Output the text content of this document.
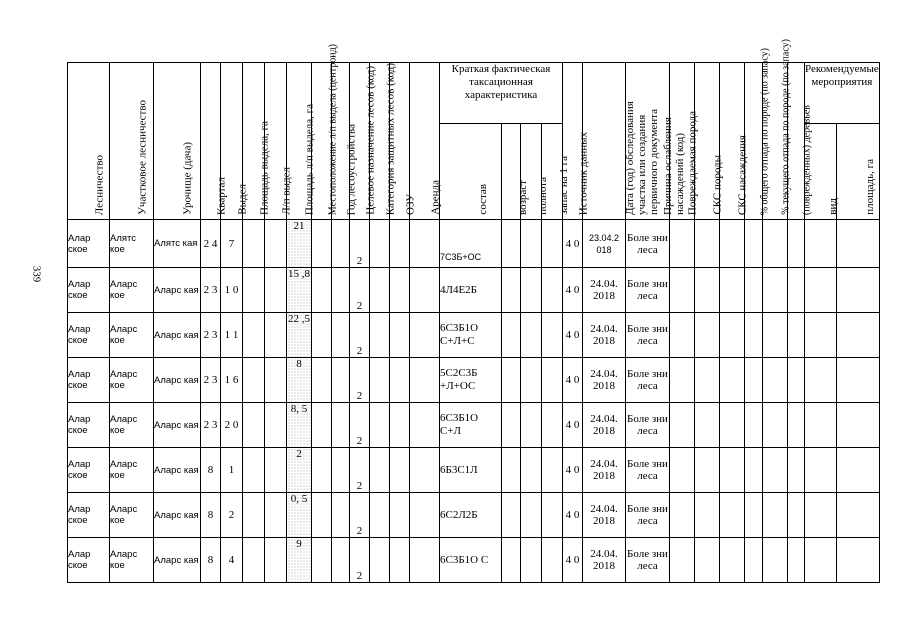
339
Лесничество	Участковое лесничество	Урочище (дача)	Квартал	Выдел	Площадь выдела, га	Л/п выдел	Площадь л/п выдела, га	Местоположение л/п выдела (центроид)	Год лесоустройства	Целевое назначение лесов (код)	Категория защитных лесов (код)	ОЗУ	Аренда	Краткая фактическая таксационная характеристика				Источник данных	Дата (год) обследования участка или создания первичного документа	Причина ослабления насаждений (код)	Повреждаемая порода	СКС породы	СКС насаждения	% общего отпада по породе (по запасу)	% текущего отпада по породе (по запасу)	(поврежденных) деревьев	Рекомендуемые мероприятия	

														состав	возраст	полнота	запас на 1 га										вид	площадь, га

Алар ское	Алятс кое	Алятс кая	2 4	7			21			2				7С3Б+ОС				4 0	23.04.2 018	Боле зни леса								
Алар ское	Аларс кое	Аларс кая	2 3	1 0			15 ,8			2				4Л4Е2Б				4 0	24.04. 2018	Боле зни леса								
Алар ское	Аларс кое	Аларс кая	2 3	1 1			22 ,5			2				6С3Б1О С+Л+С				4 0	24.04. 2018	Боле зни леса								
Алар ское	Аларс кое	Аларс кая	2 3	1 6			8			2				5С2С3Б +Л+ОС				4 0	24.04. 2018	Боле зни леса								
Алар ское	Аларс кое	Аларс кая	2 3	2 0			8, 5			2				6С3Б1О С+Л				4 0	24.04. 2018	Боле зни леса								
Алар ское	Аларс кое	Аларс кая	8	1			2			2				6Б3С1Л				4 0	24.04. 2018	Боле зни леса								
Алар ское	Аларс кое	Аларс кая	8	2			0, 5			2				6С2Л2Б				4 0	24.04. 2018	Боле зни леса								
Алар ское	Аларс кое	Аларс кая	8	4			9			2				6С3Б1О С				4 0	24.04. 2018	Боле зни леса								
